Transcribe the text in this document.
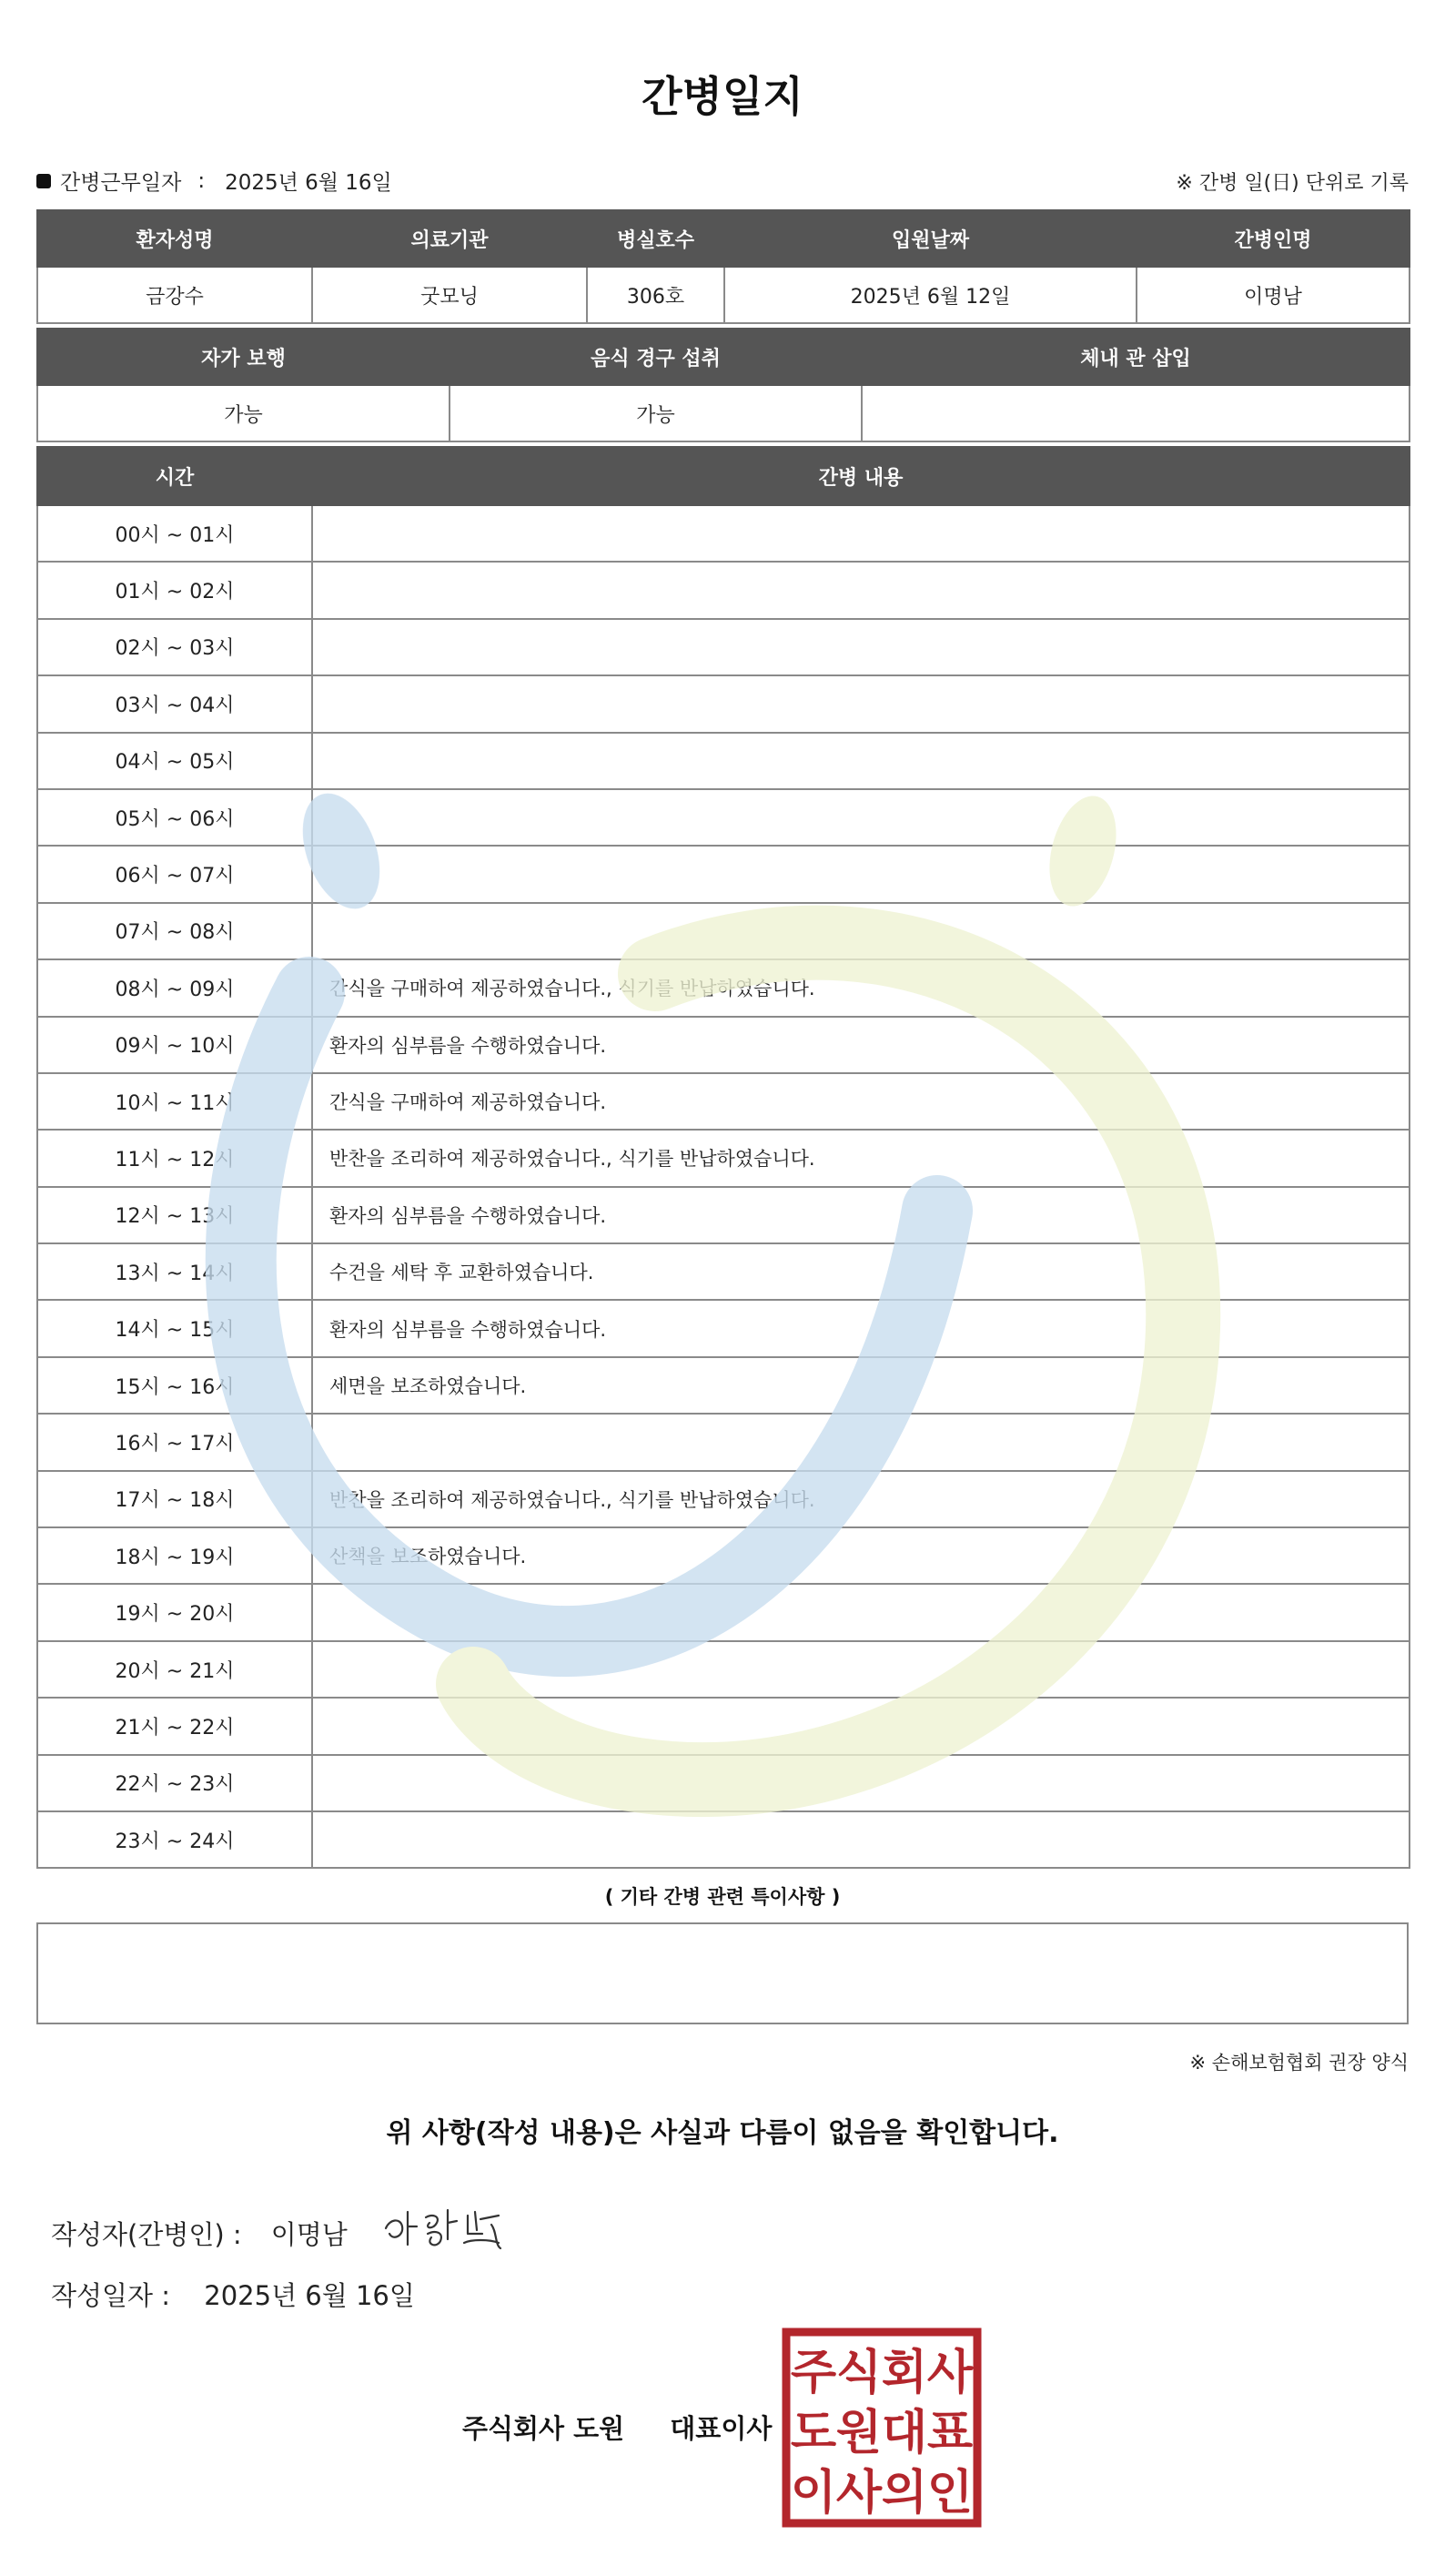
간병일지
간병근무일자 : 2025년 6월 16일	※ 간병 일(日) 단위로 기록
환자성명	의료기관	병실호수	입원날짜	간병인명
금강수	굿모닝	306호	2025년 6월 12일	이명남
자가 보행	음식 경구 섭취	체내 관 삽입
가능	가능	
시간	간병 내용
00시 ~ 01시	
01시 ~ 02시	
02시 ~ 03시	
03시 ~ 04시	
04시 ~ 05시	
05시 ~ 06시	
06시 ~ 07시	
07시 ~ 08시	
08시 ~ 09시	간식을 구매하여 제공하였습니다., 식기를 반납하였습니다.
09시 ~ 10시	환자의 심부름을 수행하였습니다.
10시 ~ 11시	간식을 구매하여 제공하였습니다.
11시 ~ 12시	반찬을 조리하여 제공하였습니다., 식기를 반납하였습니다.
12시 ~ 13시	환자의 심부름을 수행하였습니다.
13시 ~ 14시	수건을 세탁 후 교환하였습니다.
14시 ~ 15시	환자의 심부름을 수행하였습니다.
15시 ~ 16시	세면을 보조하였습니다.
16시 ~ 17시	
17시 ~ 18시	반찬을 조리하여 제공하였습니다., 식기를 반납하였습니다.
18시 ~ 19시	산책을 보조하였습니다.
19시 ~ 20시	
20시 ~ 21시	
21시 ~ 22시	
22시 ~ 23시	
23시 ~ 24시	
( 기타 간병 관련 특이사항 )
※ 손해보험협회 권장 양식
위 사항(작성 내용)은 사실과 다름이 없음을 확인합니다.
작성자(간병인) : 이명남
작성일자 : 2025년 6월 16일
주식회사 도원 대표이사
주 식 회 사
도 원 대 표
이 사 의 인
